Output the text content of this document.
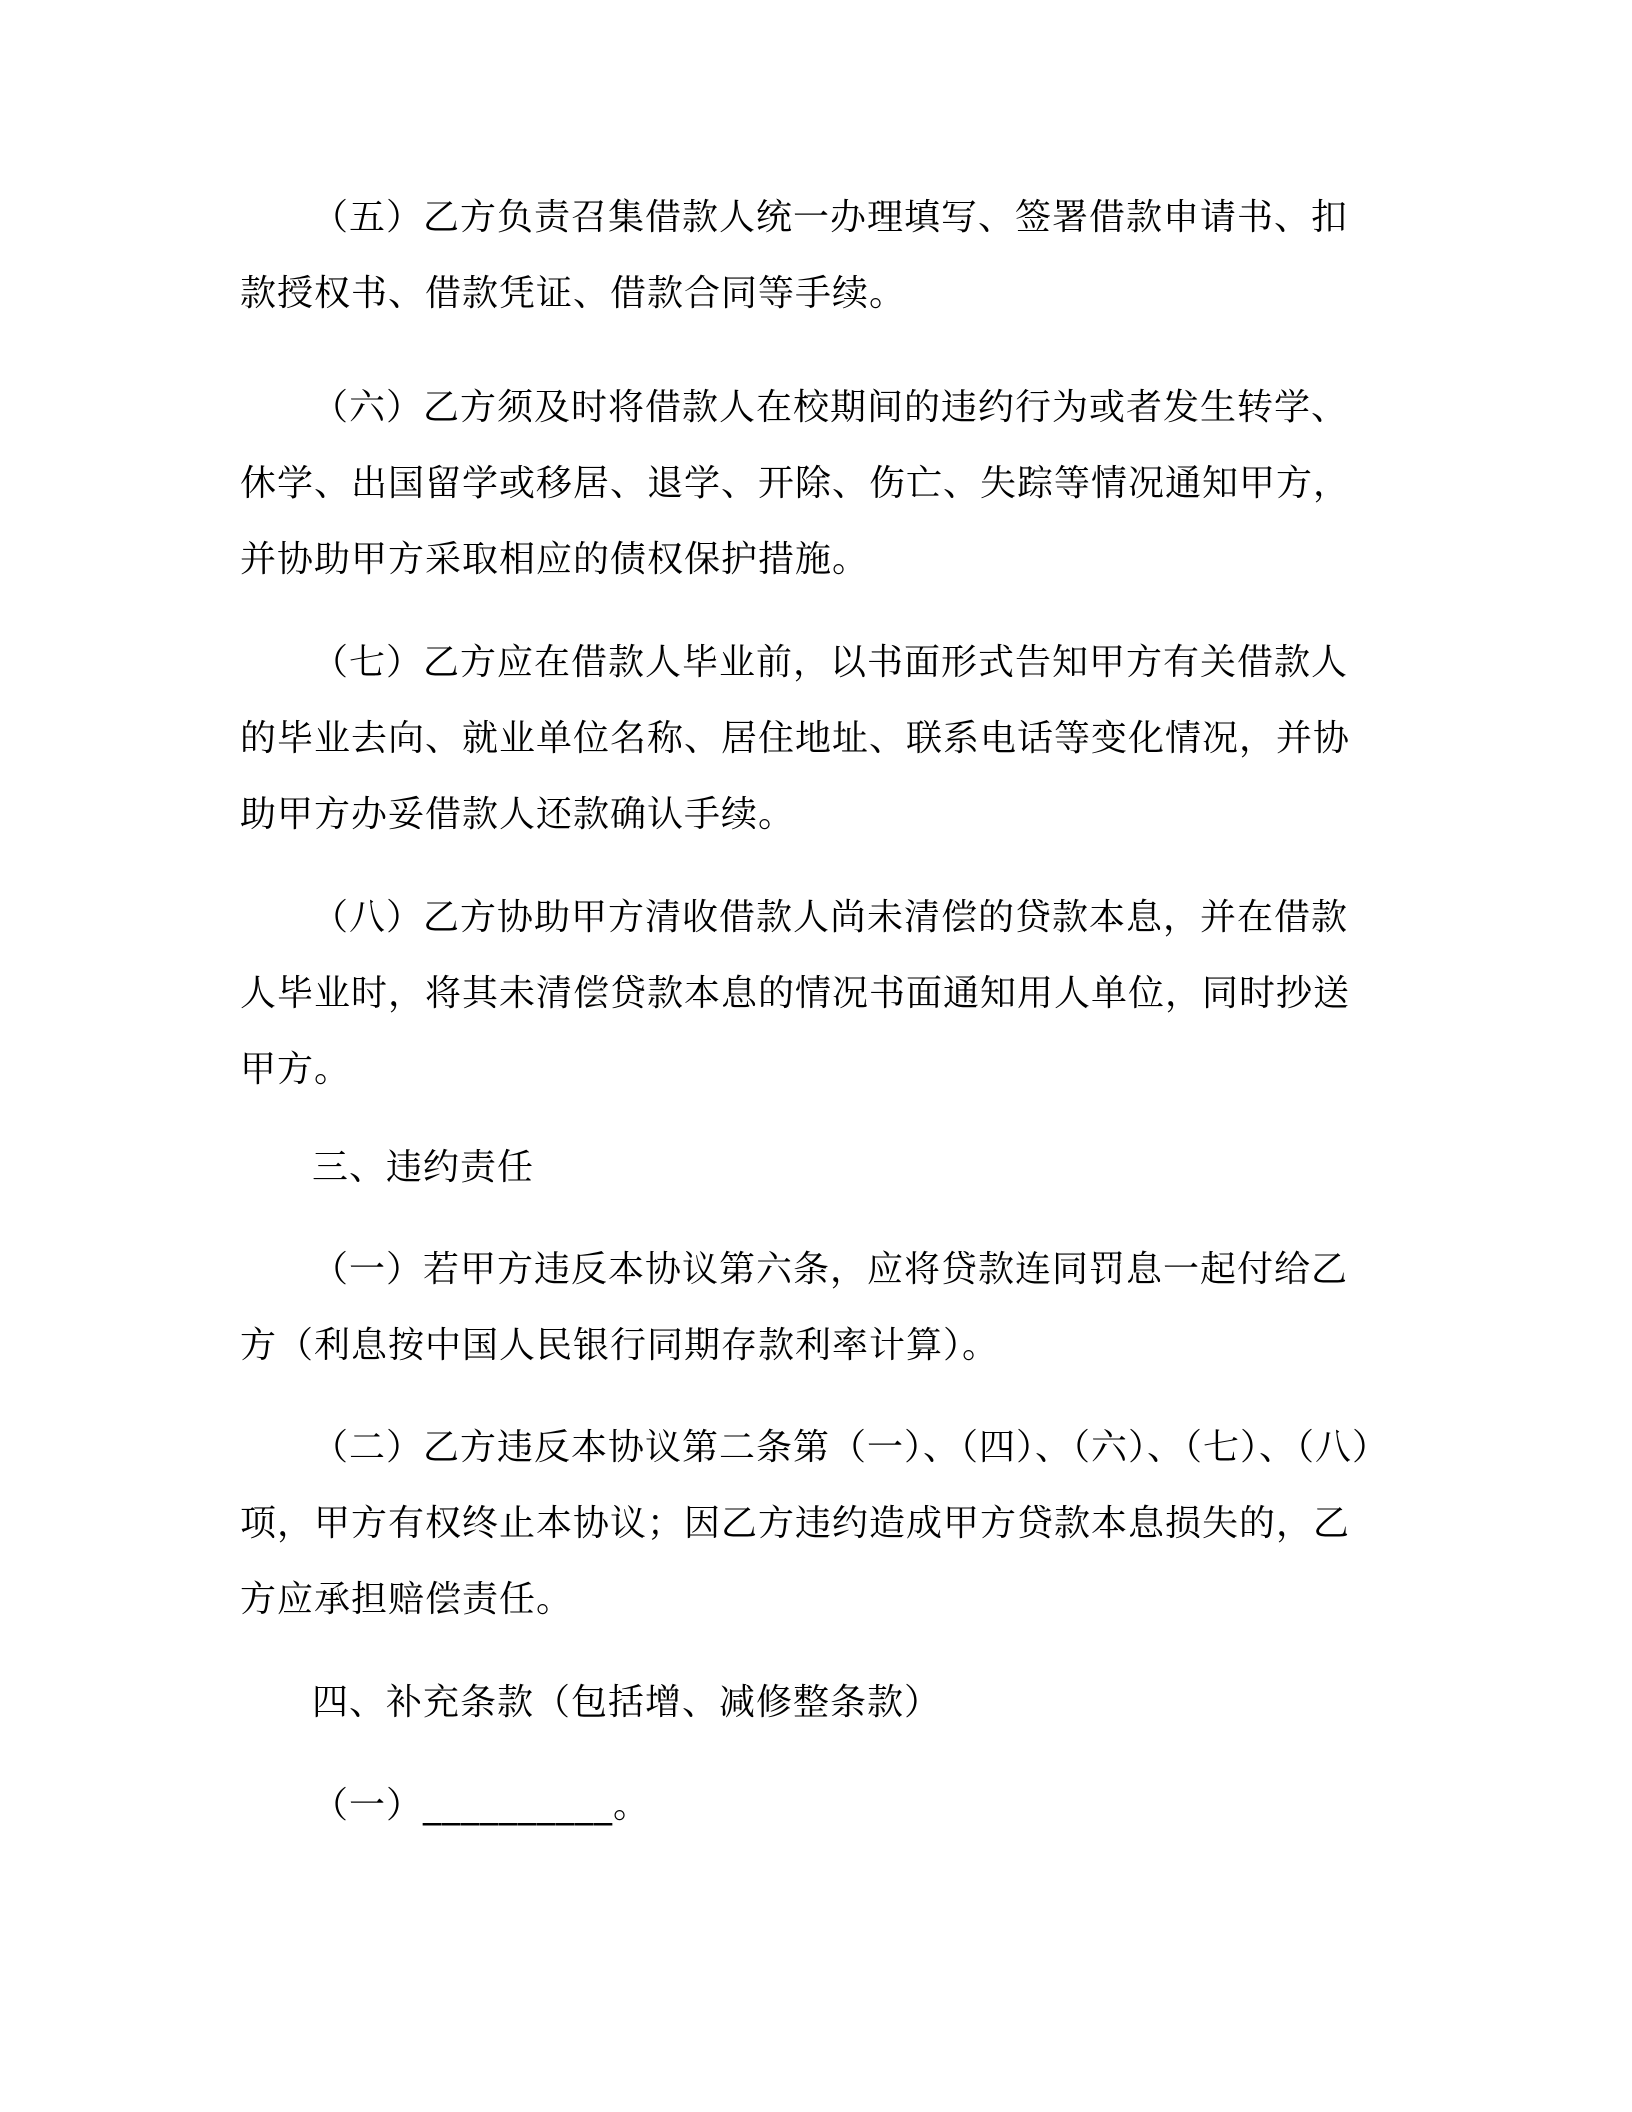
（五）乙方负责召集借款人统一办理填写、签署借款申请书、扣款授权书、借款凭证、借款合同等手续。

（六）乙方须及时将借款人在校期间的违约行为或者发生转学、休学、出国留学或移居、退学、开除、伤亡、失踪等情况通知甲方，并协助甲方采取相应的债权保护措施。

（七）乙方应在借款人毕业前，以书面形式告知甲方有关借款人的毕业去向、就业单位名称、居住地址、联系电话等变化情况，并协助甲方办妥借款人还款确认手续。

（八）乙方协助甲方清收借款人尚未清偿的贷款本息，并在借款人毕业时，将其未清偿贷款本息的情况书面通知用人单位，同时抄送甲方。

三、违约责任

（一）若甲方违反本协议第六条，应将贷款连同罚息一起付给乙方（利息按中国人民银行同期存款利率计算）。

（二）乙方违反本协议第二条第（一）、（四）、（六）、（七）、（八）项，甲方有权终止本协议；因乙方违约造成甲方贷款本息损失的，乙方应承担赔偿责任。

四、补充条款（包括增、减修整条款）

（一）__________。
